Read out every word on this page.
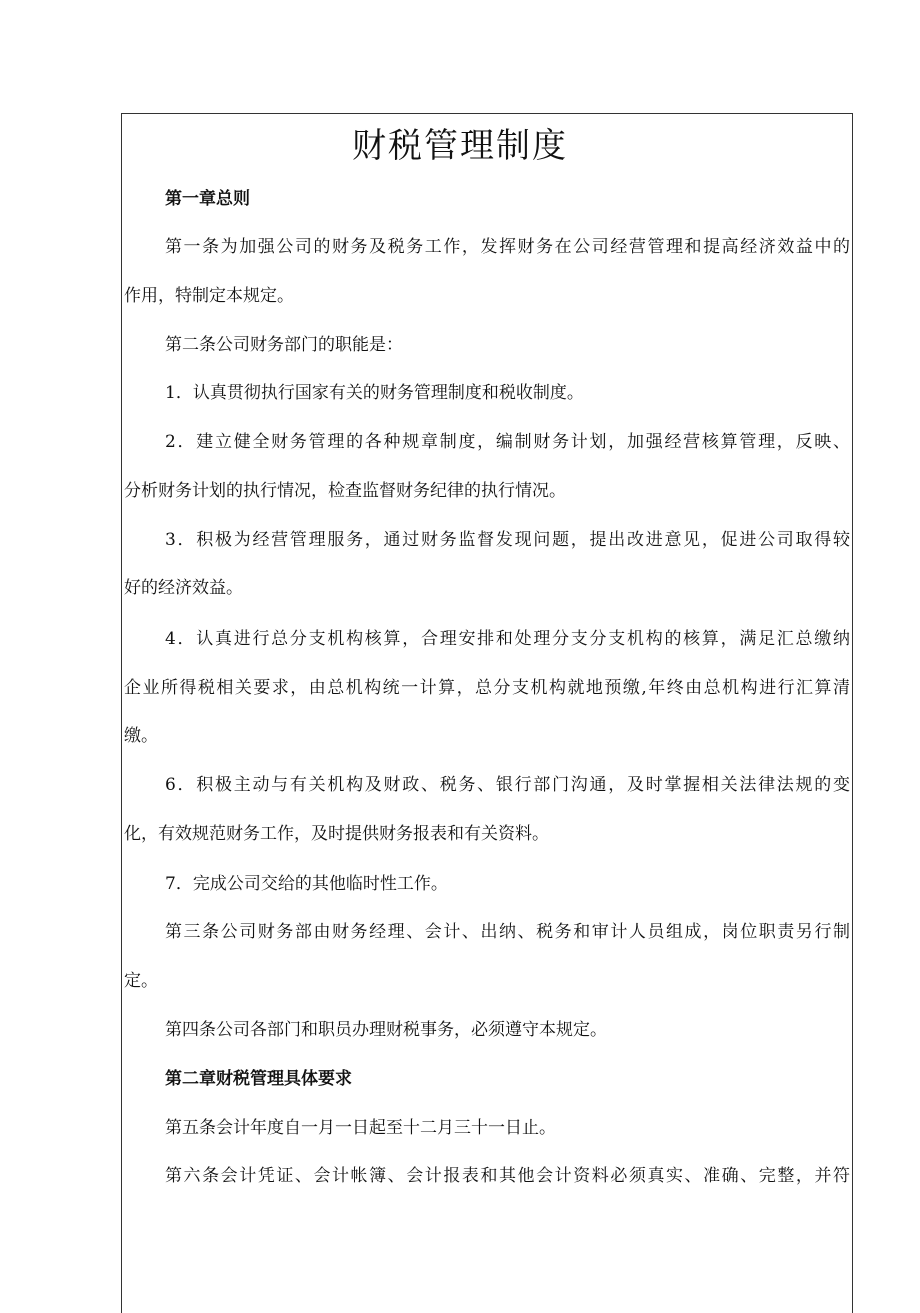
财税管理制度

第一章总则

第一条为加强公司的财务及税务工作，发挥财务在公司经营管理和提高经济效益中的

作用，特制定本规定。

第二条公司财务部门的职能是：

1．认真贯彻执行国家有关的财务管理制度和税收制度。

2．建立健全财务管理的各种规章制度，编制财务计划，加强经营核算管理，反映、

分析财务计划的执行情况，检查监督财务纪律的执行情况。

3．积极为经营管理服务，通过财务监督发现问题，提出改进意见，促进公司取得较

好的经济效益。

4．认真进行总分支机构核算，合理安排和处理分支分支机构的核算，满足汇总缴纳

企业所得税相关要求，由总机构统一计算，总分支机构就地预缴,年终由总机构进行汇算清

缴。

6．积极主动与有关机构及财政、税务、银行部门沟通，及时掌握相关法律法规的变

化，有效规范财务工作，及时提供财务报表和有关资料。

7．完成公司交给的其他临时性工作。

第三条公司财务部由财务经理、会计、出纳、税务和审计人员组成，岗位职责另行制

定。

第四条公司各部门和职员办理财税事务，必须遵守本规定。

第二章财税管理具体要求

第五条会计年度自一月一日起至十二月三十一日止。

第六条会计凭证、会计帐簿、会计报表和其他会计资料必须真实、准确、完整，并符
